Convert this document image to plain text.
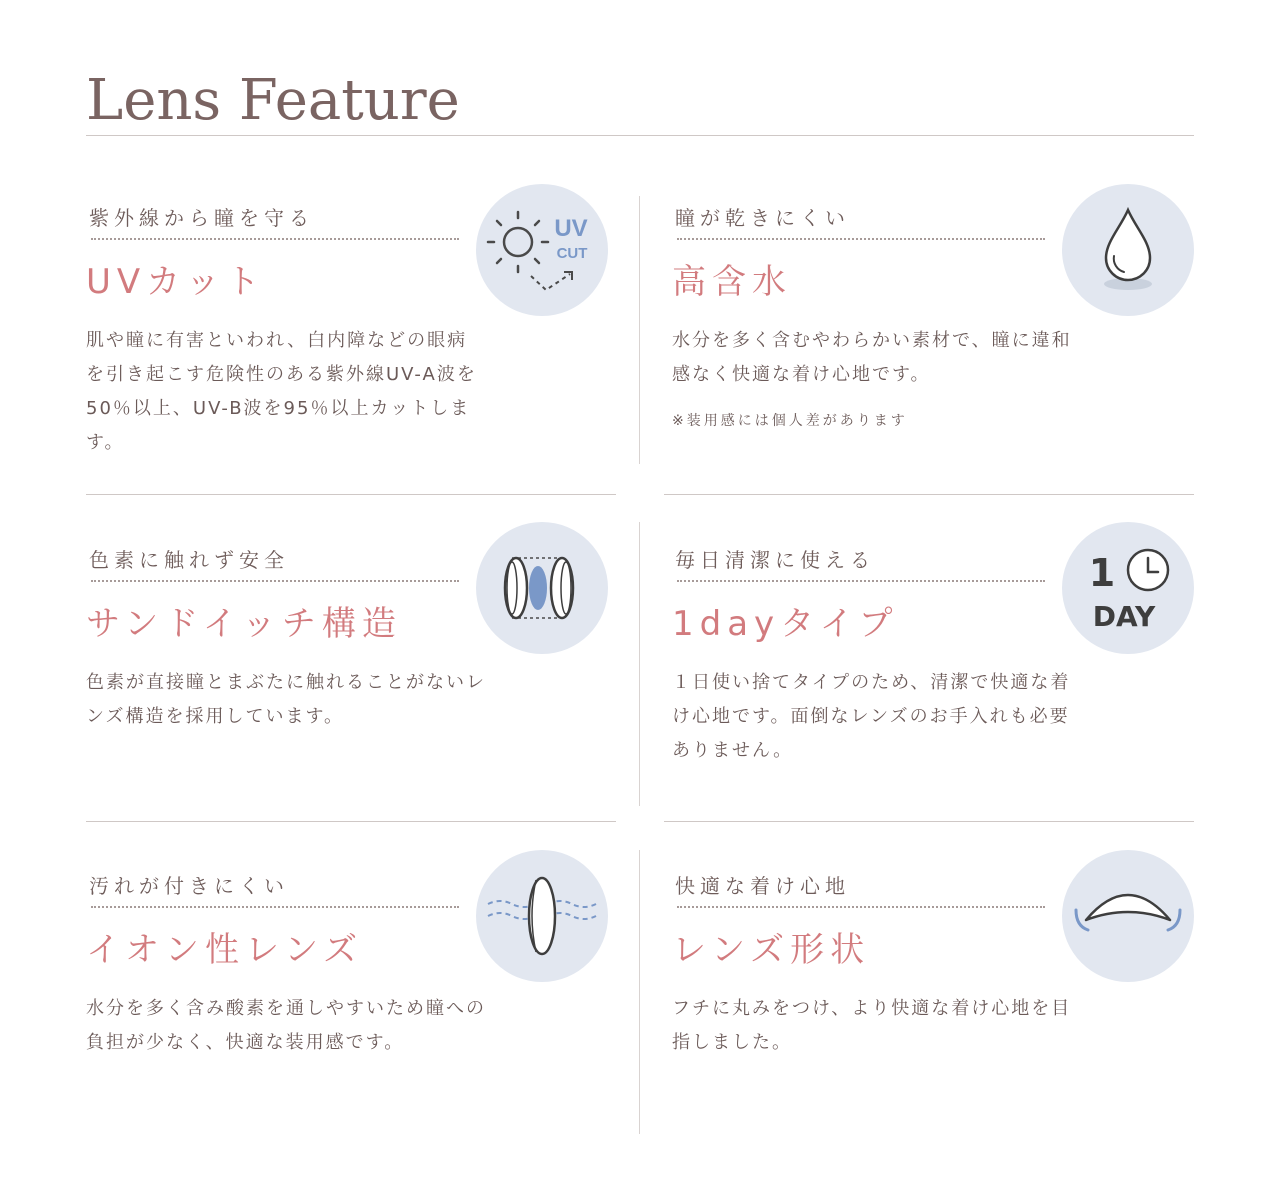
Lens Feature
紫外線から瞳を守る
UVカット
肌や瞳に有害といわれ、白内障などの眼病を引き起こす危険性のある紫外線UV-A波を50％以上、UV-B波を95％以上カットします。
UV
CUT
瞳が乾きにくい
高含水
水分を多く含むやわらかい素材で、瞳に違和感なく快適な着け心地です。
※装用感には個人差があります
色素に触れず安全
サンドイッチ構造
色素が直接瞳とまぶたに触れることがないレンズ構造を採用しています。
毎日清潔に使える
1dayタイプ
１日使い捨てタイプのため、清潔で快適な着け心地です。面倒なレンズのお手入れも必要ありません。
1
DAY
汚れが付きにくい
イオン性レンズ
水分を多く含み酸素を通しやすいため瞳への負担が少なく、快適な装用感です。
快適な着け心地
レンズ形状
フチに丸みをつけ、より快適な着け心地を目指しました。
